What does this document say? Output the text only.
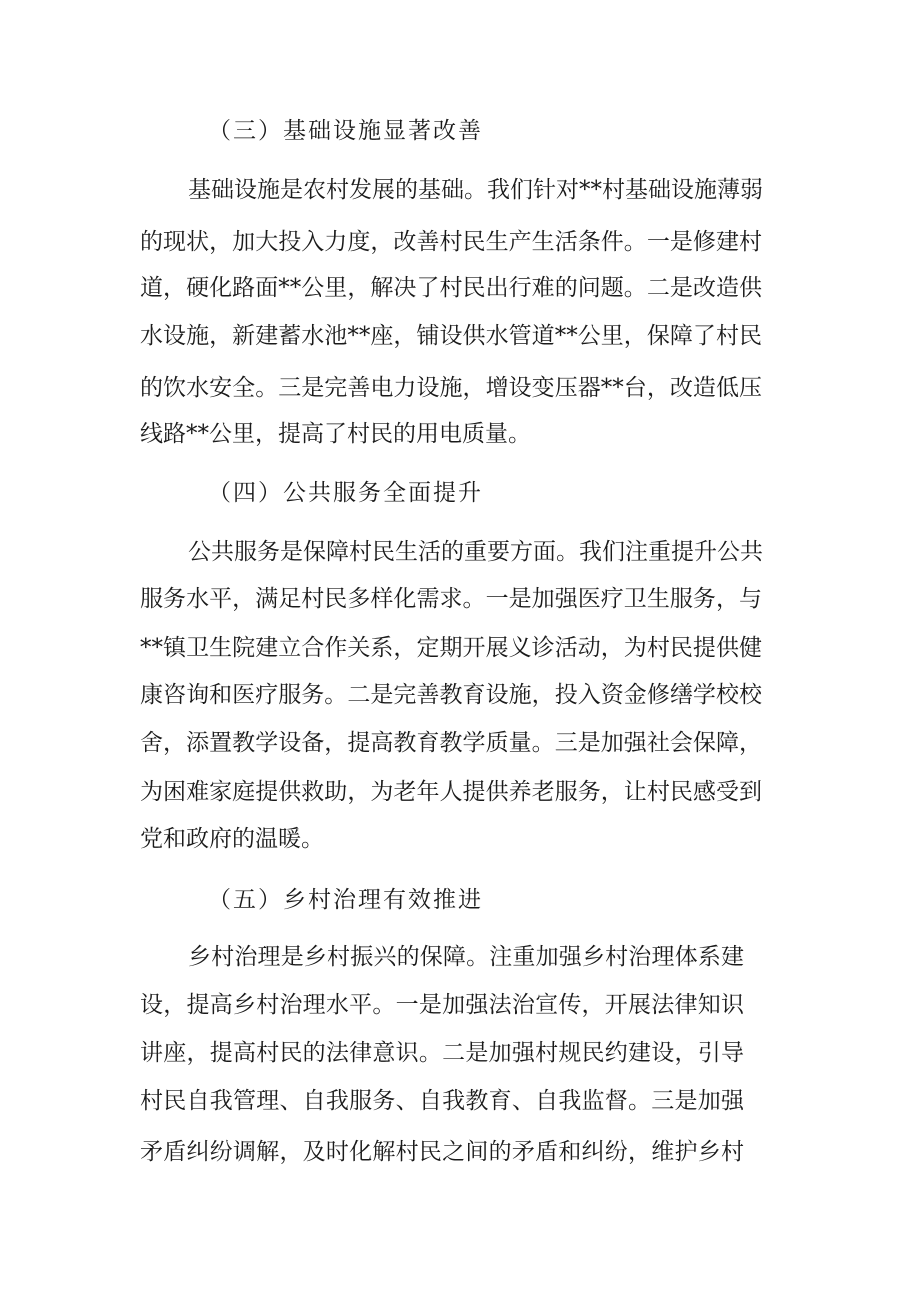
（三）基础设施显著改善
基础设施是农村发展的基础。我们针对**村基础设施薄弱
的现状，加大投入力度，改善村民生产生活条件。一是修建村
道，硬化路面**公里，解决了村民出行难的问题。二是改造供
水设施，新建蓄水池**座，铺设供水管道**公里，保障了村民
的饮水安全。三是完善电力设施，增设变压器**台，改造低压
线路**公里，提高了村民的用电质量。
（四）公共服务全面提升
公共服务是保障村民生活的重要方面。我们注重提升公共
服务水平，满足村民多样化需求。一是加强医疗卫生服务，与
**镇卫生院建立合作关系，定期开展义诊活动，为村民提供健
康咨询和医疗服务。二是完善教育设施，投入资金修缮学校校
舍，添置教学设备，提高教育教学质量。三是加强社会保障，
为困难家庭提供救助，为老年人提供养老服务，让村民感受到
党和政府的温暖。
（五）乡村治理有效推进
乡村治理是乡村振兴的保障。注重加强乡村治理体系建
设，提高乡村治理水平。一是加强法治宣传，开展法律知识
讲座，提高村民的法律意识。二是加强村规民约建设，引导
村民自我管理、自我服务、自我教育、自我监督。三是加强
矛盾纠纷调解，及时化解村民之间的矛盾和纠纷，维护乡村
